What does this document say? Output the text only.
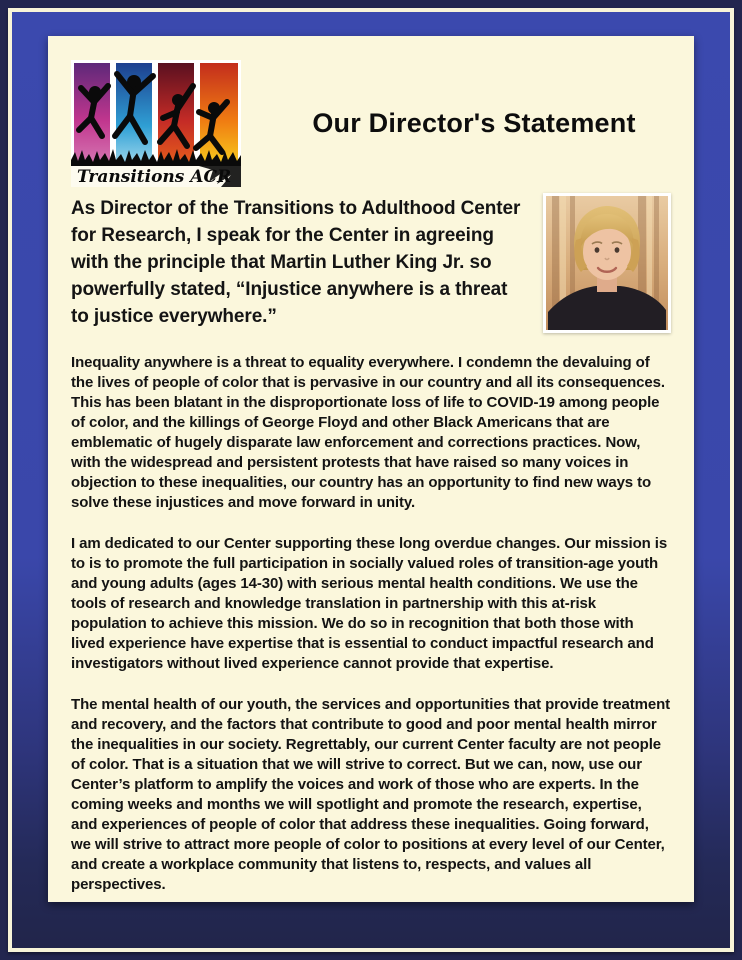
Transitions ACR
Our Director's Statement
As Director of the Transitions to Adulthood Center for Research, I speak for the Center in agreeing with the principle that Martin Luther King Jr. so powerfully stated, “Injustice anywhere is a threat to justice everywhere.”

Inequality anywhere is a threat to equality everywhere. I condemn the devaluing of the lives of people of color that is pervasive in our country and all its consequences. This has been blatant in the disproportionate loss of life to COVID-19 among people of color, and the killings of George Floyd and other Black Americans that are emblematic of hugely disparate law enforcement and corrections practices. Now, with the widespread and persistent protests that have raised so many voices in objection to these inequalities, our country has an opportunity to find new ways to solve these injustices and move forward in unity.

I am dedicated to our Center supporting these long overdue changes. Our mission is to is to promote the full participation in socially valued roles of transition-age youth and young adults (ages 14-30) with serious mental health conditions. We use the tools of research and knowledge translation in partnership with this at-risk population to achieve this mission. We do so in recognition that both those with lived experience have expertise that is essential to conduct impactful research and investigators without lived experience cannot provide that expertise.

The mental health of our youth, the services and opportunities that provide treatment and recovery, and the factors that contribute to good and poor mental health mirror the inequalities in our society. Regrettably, our current Center faculty are not people of color. That is a situation that we will strive to correct. But we can, now, use our Center’s platform to amplify the voices and work of those who are experts. In the coming weeks and months we will spotlight and promote the research, expertise, and experiences of people of color that address these inequalities. Going forward, we will strive to attract more people of color to positions at every level of our Center, and create a workplace community that listens to, respects, and values all perspectives.
